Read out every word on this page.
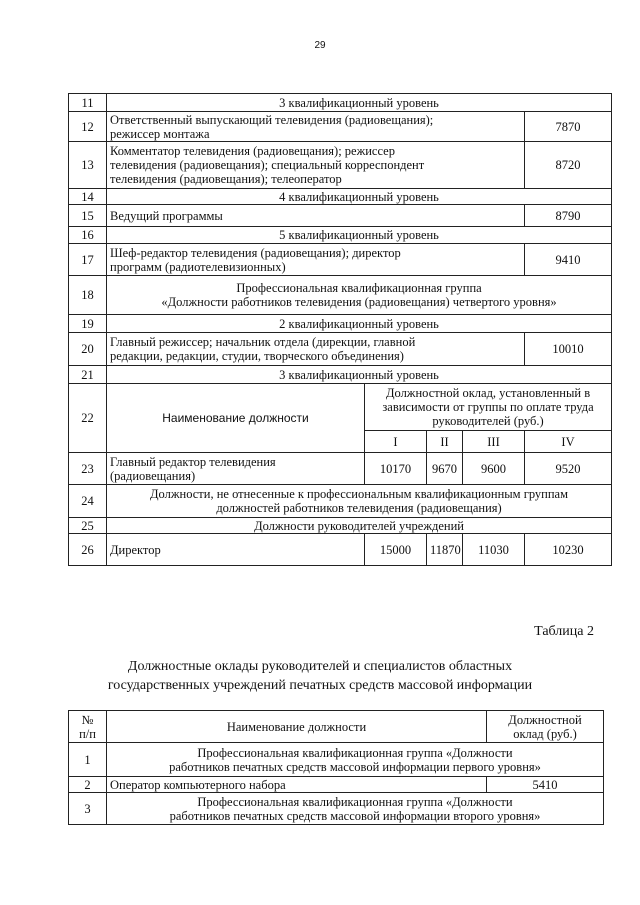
29
11	3 квалификационный уровень				
12	Ответственный выпускающий телевидения (радиовещания);
режиссер монтажа				7870
13	Комментатор телевидения (радиовещания); режиссер
телевидения (радиовещания); специальный корреспондент
телевидения (радиовещания); телеоператор				8720
14	4 квалификационный уровень				
15	Ведущий программы				8790
16	5 квалификационный уровень				
17	Шеф-редактор телевидения (радиовещания); директор
программ (радиотелевизионных)				9410
18	Профессиональная квалификационная группа
«Должности работников телевидения (радиовещания) четвертого уровня»				
19	2 квалификационный уровень				
20	Главный режиссер; начальник отдела (дирекции, главной
редакции, редакции, студии, творческого объединения)				10010
21	3 квалификационный уровень				
22	Наименование должности	Должностной оклад, установленный в
зависимости от группы по оплате труда
руководителей (руб.)			
		I	II	III	IV
23	Главный редактор телевидения
(радиовещания)	10170	9670	9600	9520
24	Должности, не отнесенные к профессиональным квалификационным группам
должностей работников телевидения (радиовещания)				
25	Должности руководителей учреждений				
26	Директор	15000	11870	11030	10230
Таблица 2
Должностные оклады руководителей и специалистов областных
государственных учреждений печатных средств массовой информации
№
п/п	Наименование должности	Должностной
оклад (руб.)
1	Профессиональная квалификационная группа «Должности
работников печатных средств массовой информации первого уровня»	
2	Оператор компьютерного набора	5410
3	Профессиональная квалификационная группа «Должности
работников печатных средств массовой информации второго уровня»	
